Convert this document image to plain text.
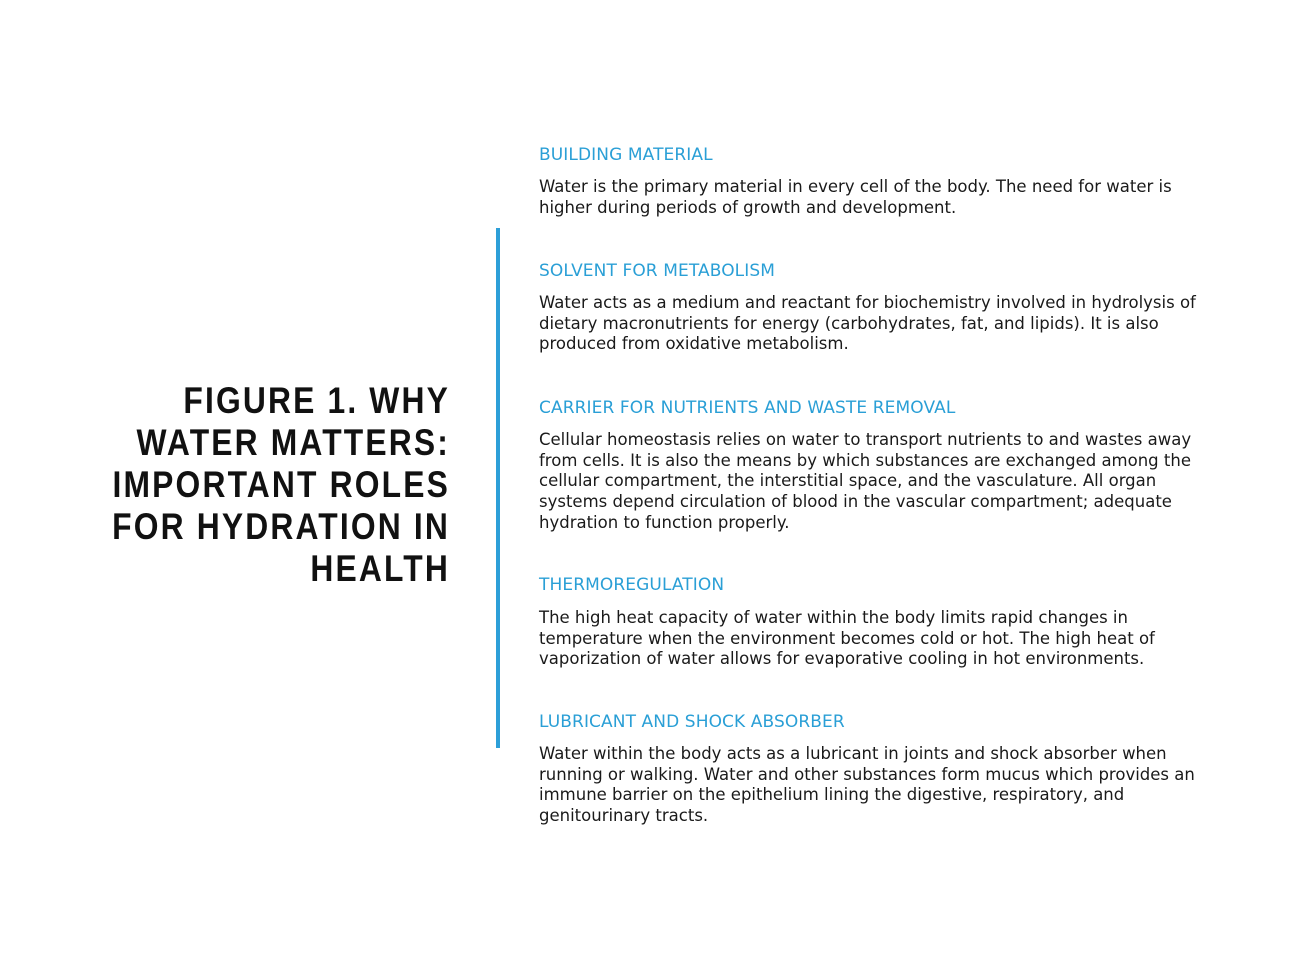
FIGURE 1. WHY WATER MATTERS: IMPORTANT ROLES FOR HYDRATION IN HEALTH
BUILDING MATERIAL

Water is the primary material in every cell of the body. The need for water is higher during periods of growth and development.

SOLVENT FOR METABOLISM

Water acts as a medium and reactant for biochemistry involved in hydrolysis of dietary macronutrients for energy (carbohydrates, fat, and lipids). It is also produced from oxidative metabolism.

CARRIER FOR NUTRIENTS AND WASTE REMOVAL

Cellular homeostasis relies on water to transport nutrients to and wastes away from cells. It is also the means by which substances are exchanged among the cellular compartment, the interstitial space, and the vasculature. All organ systems depend circulation of blood in the vascular compartment; adequate hydration to function properly.

THERMOREGULATION

The high heat capacity of water within the body limits rapid changes in temperature when the environment becomes cold or hot. The high heat of vaporization of water allows for evaporative cooling in hot environments.

LUBRICANT AND SHOCK ABSORBER

Water within the body acts as a lubricant in joints and shock absorber when running or walking. Water and other substances form mucus which provides an immune barrier on the epithelium lining the digestive, respiratory, and genitourinary tracts.
